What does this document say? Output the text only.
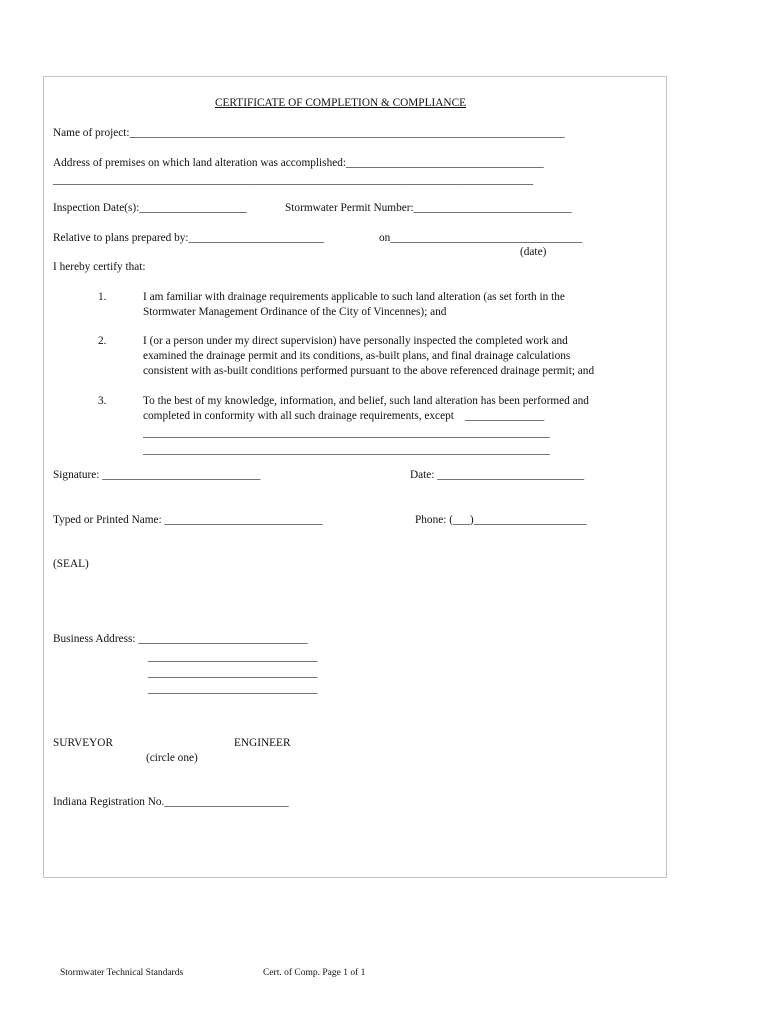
CERTIFICATE OF COMPLETION & COMPLIANCE
Name of project:_____________________________________________________________________________
Address of premises on which land alteration was accomplished:___________________________________
_____________________________________________________________________________________
Inspection Date(s):___________________	Stormwater Permit Number:____________________________
Relative to plans prepared by:________________________	on__________________________________
(date)
I hereby certify that:
1.	I am familiar with drainage requirements applicable to such land alteration (as set forth in the
Stormwater Management Ordinance of the City of Vincennes); and
2.	I (or a person under my direct supervision) have personally inspected the completed work and
examined the drainage permit and its conditions, as-built plans, and final drainage calculations
consistent with as-built conditions performed pursuant to the above referenced drainage permit; and
3.	To the best of my knowledge, information, and belief, such land alteration has been performed and
completed in conformity with all such drainage requirements, except    ______________
________________________________________________________________________
________________________________________________________________________
Signature: ____________________________	Date: __________________________
Typed or Printed Name: ____________________________	Phone: (___)____________________
(SEAL)
Business Address: ______________________________
______________________________
______________________________
______________________________
SURVEYOR	ENGINEER
(circle one)
Indiana Registration No.______________________
Stormwater Technical Standards	Cert. of Comp. Page 1 of 1
